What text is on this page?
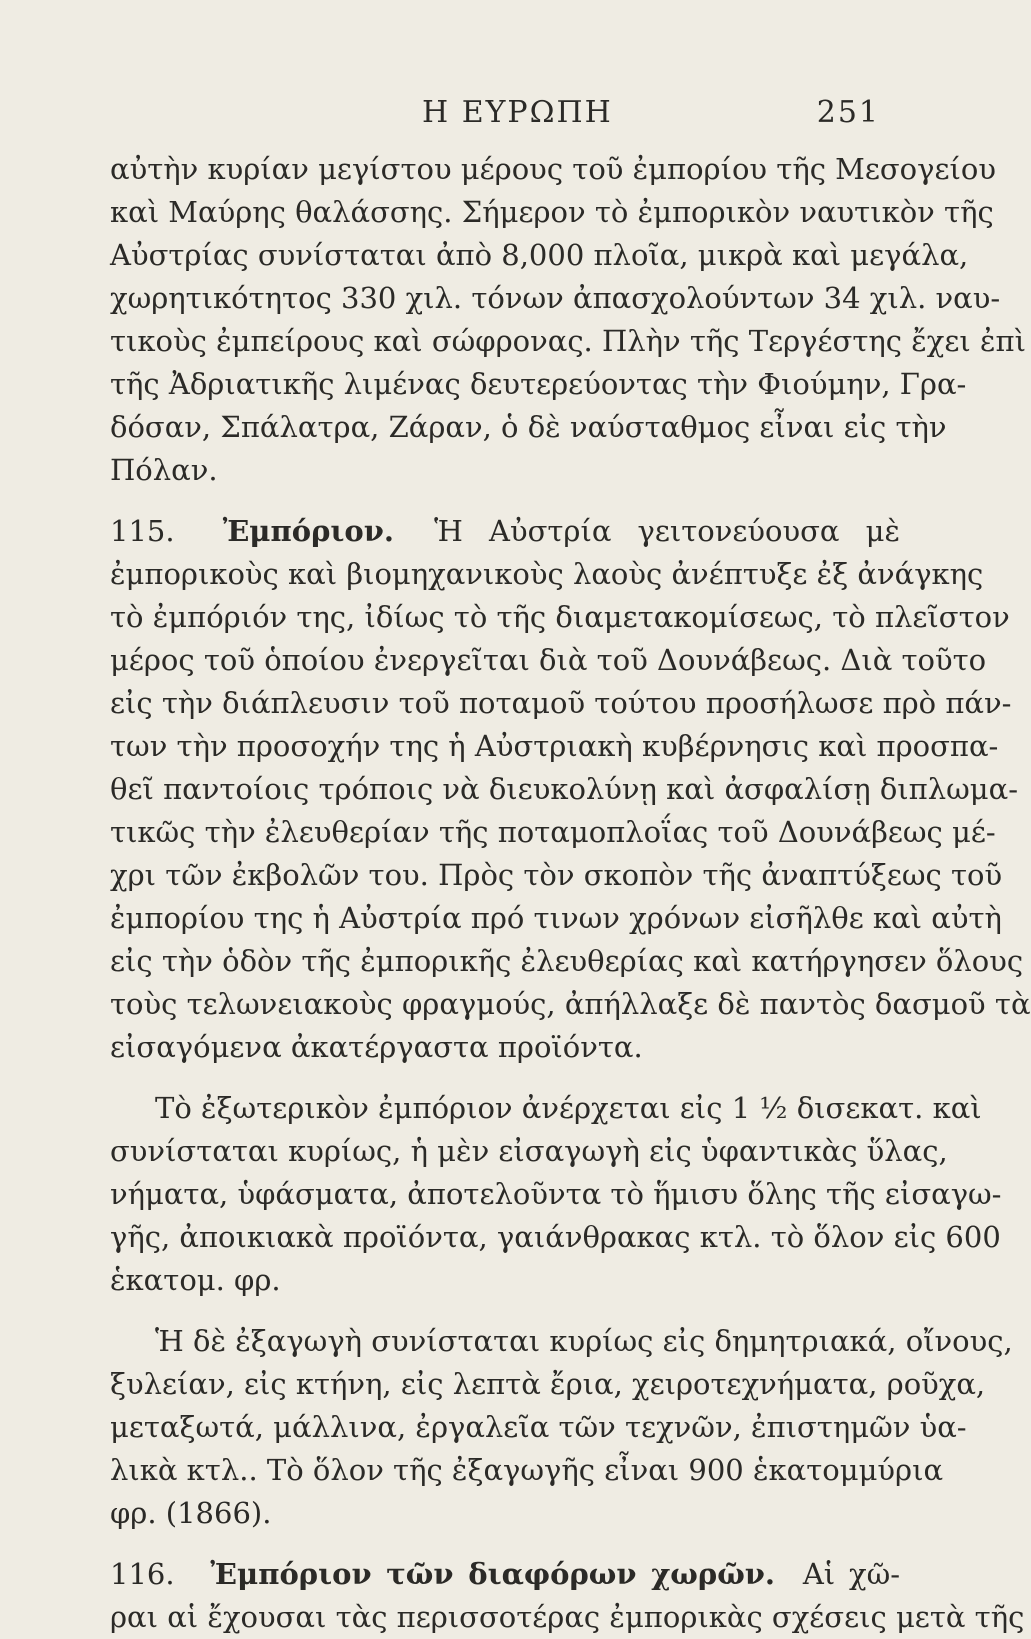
Η ΕΥΡΩΠΗ	251
αὐτὴν κυρίαν μεγίστου μέρους τοῦ ἐμπορίου τῆς Μεσογείου
καὶ Μαύρης θαλάσσης. Σήμερον τὸ ἐμπορικὸν ναυτικὸν τῆς
Αὐστρίας συνίσταται ἀπὸ 8,000 πλοῖα, μικρὰ καὶ μεγάλα,
χωρητικότητος 330 χιλ. τόνων ἀπασχολούντων 34 χιλ. ναυ-
τικοὺς ἐμπείρους καὶ σώφρονας. Πλὴν τῆς Τεργέστης ἔχει ἐπὶ
τῆς Ἀδριατικῆς λιμένας δευτερεύοντας τὴν Φιούμην, Γρα-
δόσαν, Σπάλατρα, Ζάραν, ὁ δὲ ναύσταθμος εἶναι εἰς τὴν
Πόλαν.
115. Ἐμπόριον. Ἡ Αὐστρία γειτονεύουσα μὲ
ἐμπορικοὺς καὶ βιομηχανικοὺς λαοὺς ἀνέπτυξε ἐξ ἀνάγκης
τὸ ἐμπόριόν της, ἰδίως τὸ τῆς διαμετακομίσεως, τὸ πλεῖστον
μέρος τοῦ ὁποίου ἐνεργεῖται διὰ τοῦ Δουνάβεως. Διὰ τοῦτο
εἰς τὴν διάπλευσιν τοῦ ποταμοῦ τούτου προσήλωσε πρὸ πάν-
των τὴν προσοχήν της ἡ Αὐστριακὴ κυβέρνησις καὶ προσπα-
θεῖ παντοίοις τρόποις νὰ διευκολύνῃ καὶ ἀσφαλίσῃ διπλωμα-
τικῶς τὴν ἐλευθερίαν τῆς ποταμοπλοΐας τοῦ Δουνάβεως μέ-
χρι τῶν ἐκβολῶν του. Πρὸς τὸν σκοπὸν τῆς ἀναπτύξεως τοῦ
ἐμπορίου της ἡ Αὐστρία πρό τινων χρόνων εἰσῆλθε καὶ αὐτὴ
εἰς τὴν ὁδὸν τῆς ἐμπορικῆς ἐλευθερίας καὶ κατήργησεν ὅλους
τοὺς τελωνειακοὺς φραγμούς, ἀπήλλαξε δὲ παντὸς δασμοῦ τὰ
εἰσαγόμενα ἀκατέργαστα προϊόντα.
Τὸ ἐξωτερικὸν ἐμπόριον ἀνέρχεται εἰς 1 ½ δισεκατ. καὶ
συνίσταται κυρίως, ἡ μὲν εἰσαγωγὴ εἰς ὑφαντικὰς ὕλας,
νήματα, ὑφάσματα, ἀποτελοῦντα τὸ ἥμισυ ὅλης τῆς εἰσαγω-
γῆς, ἀποικιακὰ προϊόντα, γαιάνθρακας κτλ. τὸ ὅλον εἰς 600
ἑκατομ. φρ.
Ἡ δὲ ἐξαγωγὴ συνίσταται κυρίως εἰς δημητριακά, οἴνους,
ξυλείαν, εἰς κτήνη, εἰς λεπτὰ ἔρια, χειροτεχνήματα, ροῦχα,
μεταξωτά, μάλλινα, ἐργαλεῖα τῶν τεχνῶν, ἐπιστημῶν ὑα-
λικὰ κτλ.. Τὸ ὅλον τῆς ἐξαγωγῆς εἶναι 900 ἑκατομμύρια
φρ. (1866).
116. Ἐμπόριον τῶν διαφόρων χωρῶν. Αἱ χῶ-
ραι αἱ ἔχουσαι τὰς περισσοτέρας ἐμπορικὰς σχέσεις μετὰ τῆς
